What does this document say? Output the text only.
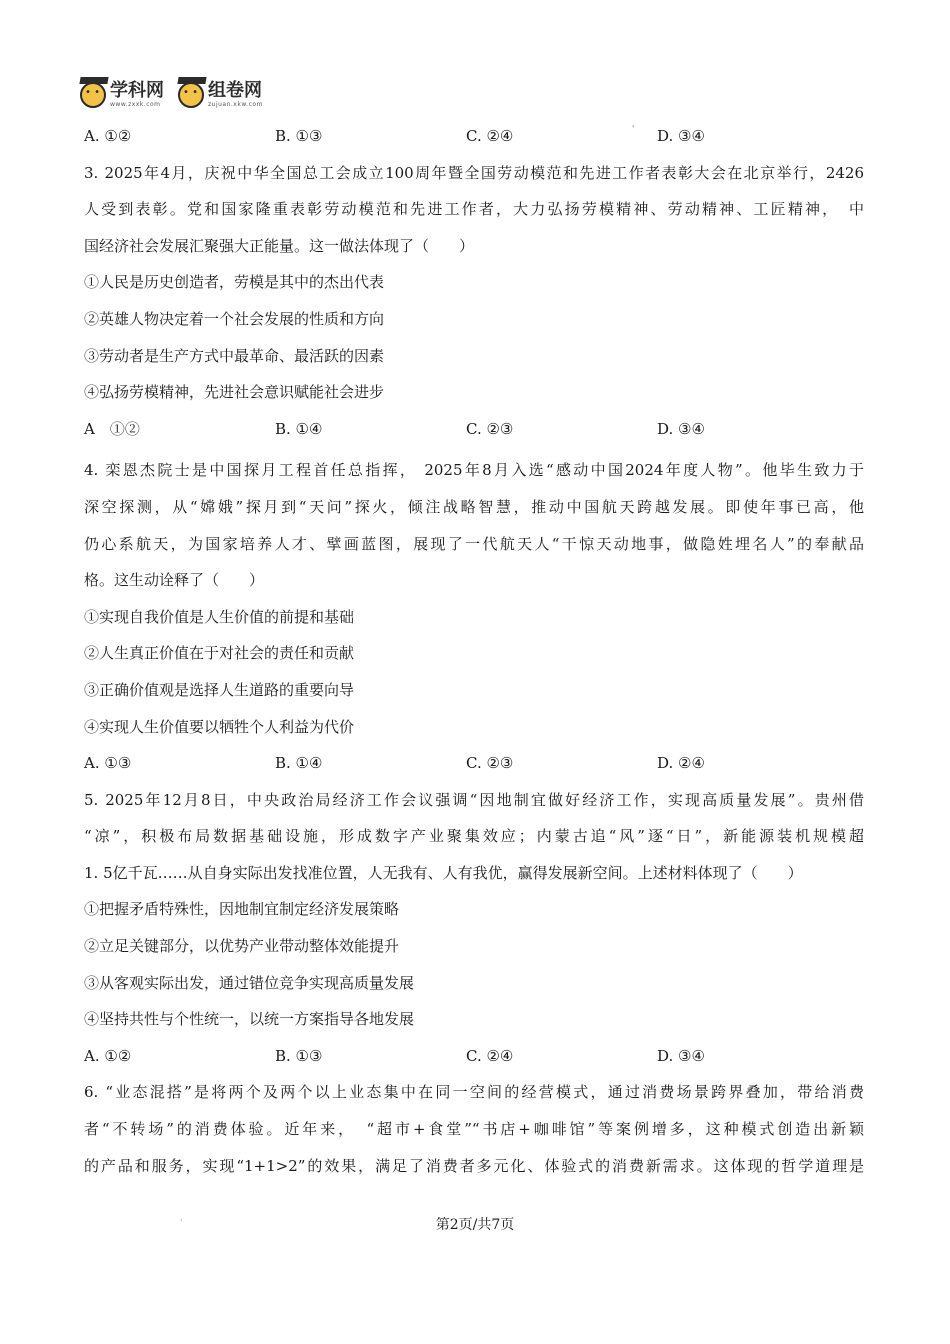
• •
学科网
www.zxxk.com
• •
组卷网
zujuan.xkw.com
'
A. ①②	B. ①③	C. ②④	D. ③④
3. 2025年4月，庆祝中华全国总工会成立100周年暨全国劳动模范和先进工作者表彰大会在北京举行，2426
人受到表彰。党和国家隆重表彰劳动模范和先进工作者，大力弘扬劳模精神、劳动精神、工匠精神，　中
国经济社会发展汇聚强大正能量。这一做法体现了（　　）
①人民是历史创造者，劳模是其中的杰出代表
②英雄人物决定着一个社会发展的性质和方向
③劳动者是生产方式中最革命、最活跃的因素
④弘扬劳模精神，先进社会意识赋能社会进步
A　①②	B. ①④	C. ②③	D. ③④
4. 栾恩杰院士是中国探月工程首任总指挥， 2025年8月入选“感动中国2024年度人物”。他毕生致力于
深空探测，从“嫦娥”探月到“天问”探火，倾注战略智慧，推动中国航天跨越发展。即使年事已高，他
仍心系航天，为国家培养人才、擘画蓝图，展现了一代航天人“干惊天动地事，做隐姓埋名人”的奉献品
格。这生动诠释了（　　）
①实现自我价值是人生价值的前提和基础
②人生真正价值在于对社会的责任和贡献
③正确价值观是选择人生道路的重要向导
④实现人生价值要以牺牲个人利益为代价
A. ①③	B. ①④	C. ②③	D. ②④
5. 2025年12月8日，中央政治局经济工作会议强调“因地制宜做好经济工作，实现高质量发展”。贵州借
“凉”，积极布局数据基础设施，形成数字产业聚集效应；内蒙古追“风”逐“日”，新能源装机规模超
1. 5亿千瓦……从自身实际出发找准位置，人无我有、人有我优，赢得发展新空间。上述材料体现了（　　）
①把握矛盾特殊性，因地制宜制定经济发展策略
②立足关键部分，以优势产业带动整体效能提升
③从客观实际出发，通过错位竞争实现高质量发展
④坚持共性与个性统一，以统一方案指导各地发展
A. ①②	B. ①③	C. ②④	D. ③④
6. “业态混搭”是将两个及两个以上业态集中在同一空间的经营模式，通过消费场景跨界叠加，带给消费
者“不转场”的消费体验。近年来，　“超市+食堂”“书店+咖啡馆”等案例增多，这种模式创造出新颖
的产品和服务，实现“1+1>2”的效果，满足了消费者多元化、体验式的消费新需求。这体现的哲学道理是
·	第2页/共7页
